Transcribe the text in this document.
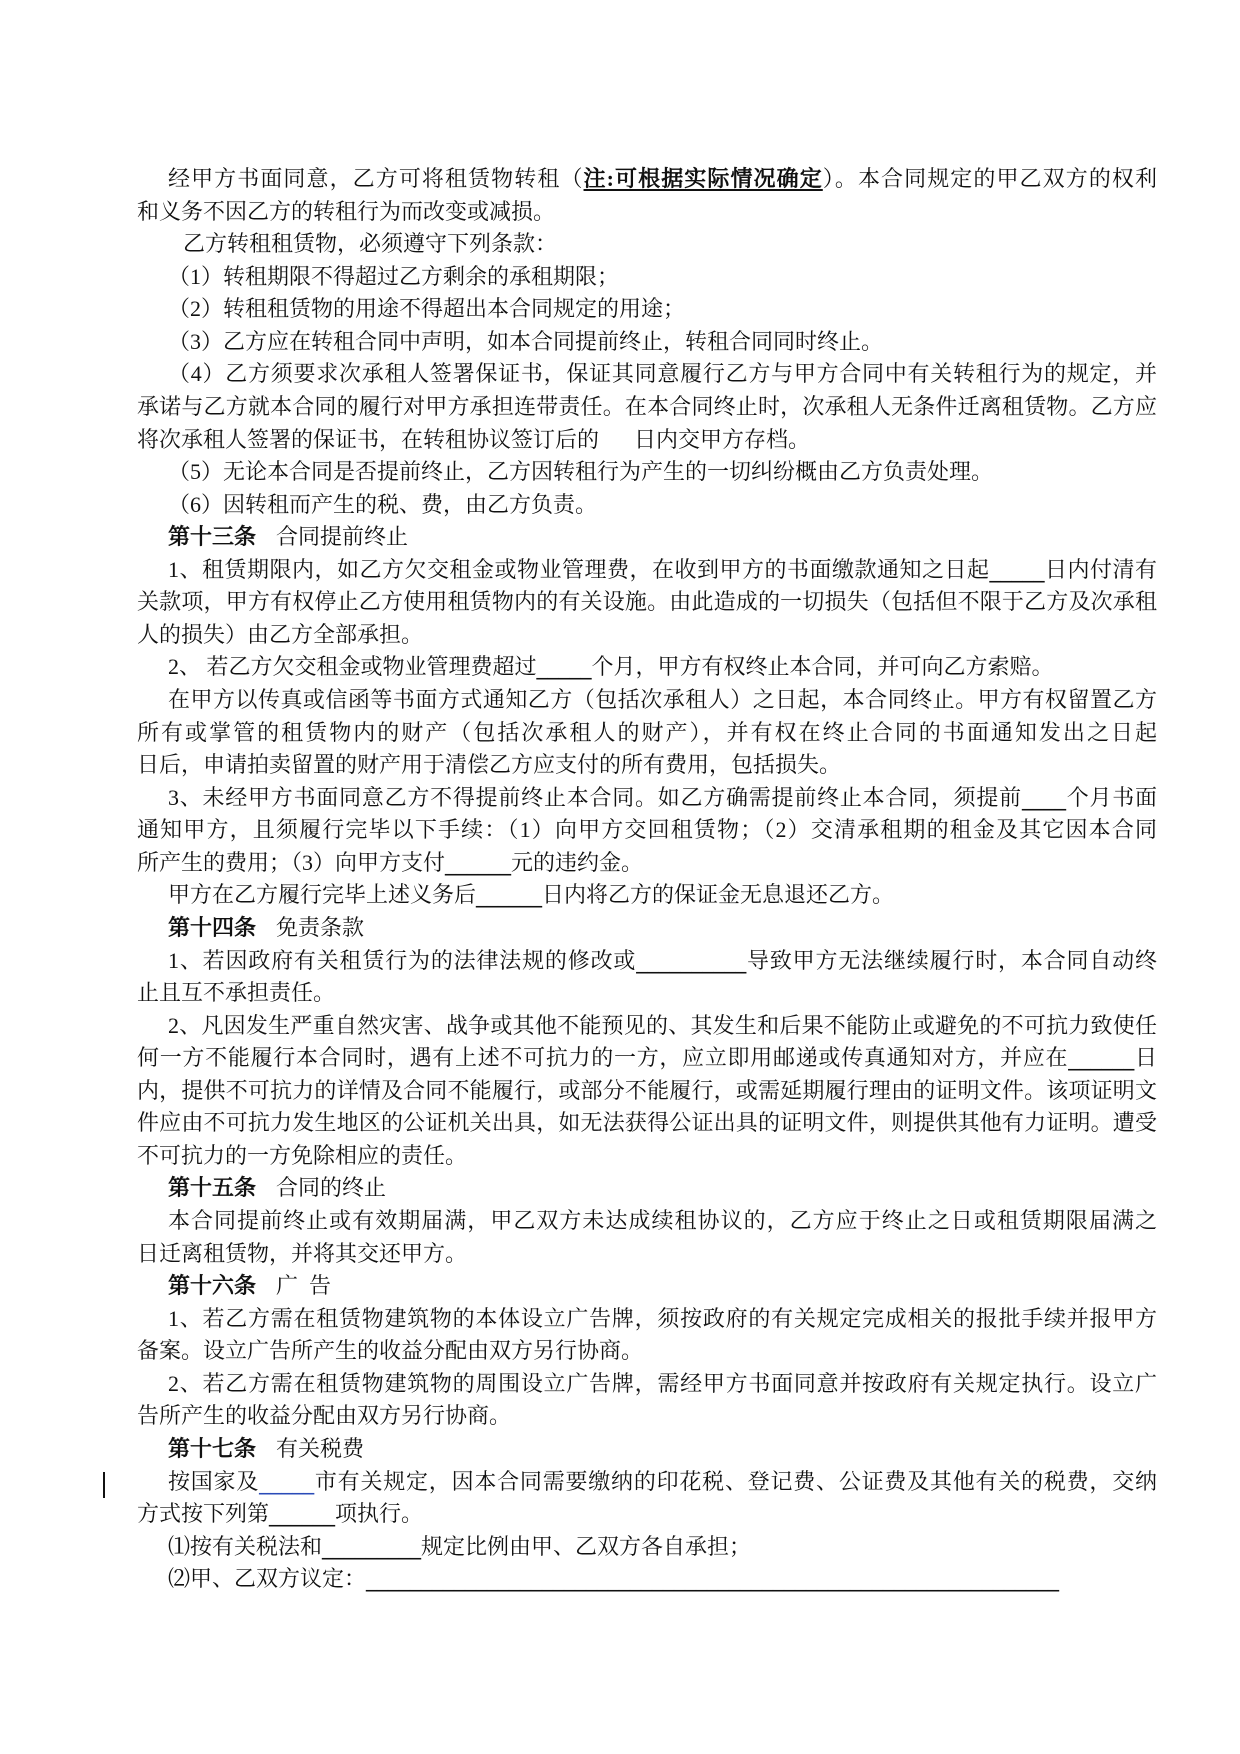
经甲方书面同意，乙方可将租赁物转租（注:可根据实际情况确定）。本合同规定的甲乙双方的权利
和义务不因乙方的转租行为而改变或减损。
乙方转租租赁物，必须遵守下列条款：
（1）转租期限不得超过乙方剩余的承租期限；
（2）转租租赁物的用途不得超出本合同规定的用途；
（3）乙方应在转租合同中声明，如本合同提前终止，转租合同同时终止。
（4）乙方须要求次承租人签署保证书，保证其同意履行乙方与甲方合同中有关转租行为的规定，并
承诺与乙方就本合同的履行对甲方承担连带责任。在本合同终止时，次承租人无条件迁离租赁物。乙方应
将次承租人签署的保证书，在转租协议签订后的 日内交甲方存档。
（5）无论本合同是否提前终止，乙方因转租行为产生的一切纠纷概由乙方负责处理。
（6）因转租而产生的税、费，由乙方负责。
第十三条 合同提前终止
1、租赁期限内，如乙方欠交租金或物业管理费，在收到甲方的书面缴款通知之日起_____日内付清有
关款项，甲方有权停止乙方使用租赁物内的有关设施。由此造成的一切损失（包括但不限于乙方及次承租
人的损失）由乙方全部承担。
2、 若乙方欠交租金或物业管理费超过_____个月，甲方有权终止本合同，并可向乙方索赔。
在甲方以传真或信函等书面方式通知乙方（包括次承租人）之日起，本合同终止。甲方有权留置乙方
所有或掌管的租赁物内的财产（包括次承租人的财产），并有权在终止合同的书面通知发出之日起
日后，申请拍卖留置的财产用于清偿乙方应支付的所有费用，包括损失。
3、未经甲方书面同意乙方不得提前终止本合同。如乙方确需提前终止本合同，须提前____个月书面
通知甲方，且须履行完毕以下手续：（1）向甲方交回租赁物；（2）交清承租期的租金及其它因本合同
所产生的费用；（3）向甲方支付______元的违约金。
甲方在乙方履行完毕上述义务后______日内将乙方的保证金无息退还乙方。
第十四条 免责条款
1、若因政府有关租赁行为的法律法规的修改或__________导致甲方无法继续履行时，本合同自动终
止且互不承担责任。
2、凡因发生严重自然灾害、战争或其他不能预见的、其发生和后果不能防止或避免的不可抗力致使任
何一方不能履行本合同时，遇有上述不可抗力的一方，应立即用邮递或传真通知对方，并应在______日
内，提供不可抗力的详情及合同不能履行，或部分不能履行，或需延期履行理由的证明文件。该项证明文
件应由不可抗力发生地区的公证机关出具，如无法获得公证出具的证明文件，则提供其他有力证明。遭受
不可抗力的一方免除相应的责任。
第十五条 合同的终止
本合同提前终止或有效期届满，甲乙双方未达成续租协议的，乙方应于终止之日或租赁期限届满之
日迁离租赁物，并将其交还甲方。
第十六条 广  告
1、若乙方需在租赁物建筑物的本体设立广告牌，须按政府的有关规定完成相关的报批手续并报甲方
备案。设立广告所产生的收益分配由双方另行协商。
2、若乙方需在租赁物建筑物的周围设立广告牌，需经甲方书面同意并按政府有关规定执行。设立广
告所产生的收益分配由双方另行协商。
第十七条 有关税费
按国家及_____市有关规定，因本合同需要缴纳的印花税、登记费、公证费及其他有关的税费，交纳
方式按下列第______项执行。
⑴按有关税法和_________规定比例由甲、乙双方各自承担；
⑵甲、乙双方议定：_______________________________________________________________
